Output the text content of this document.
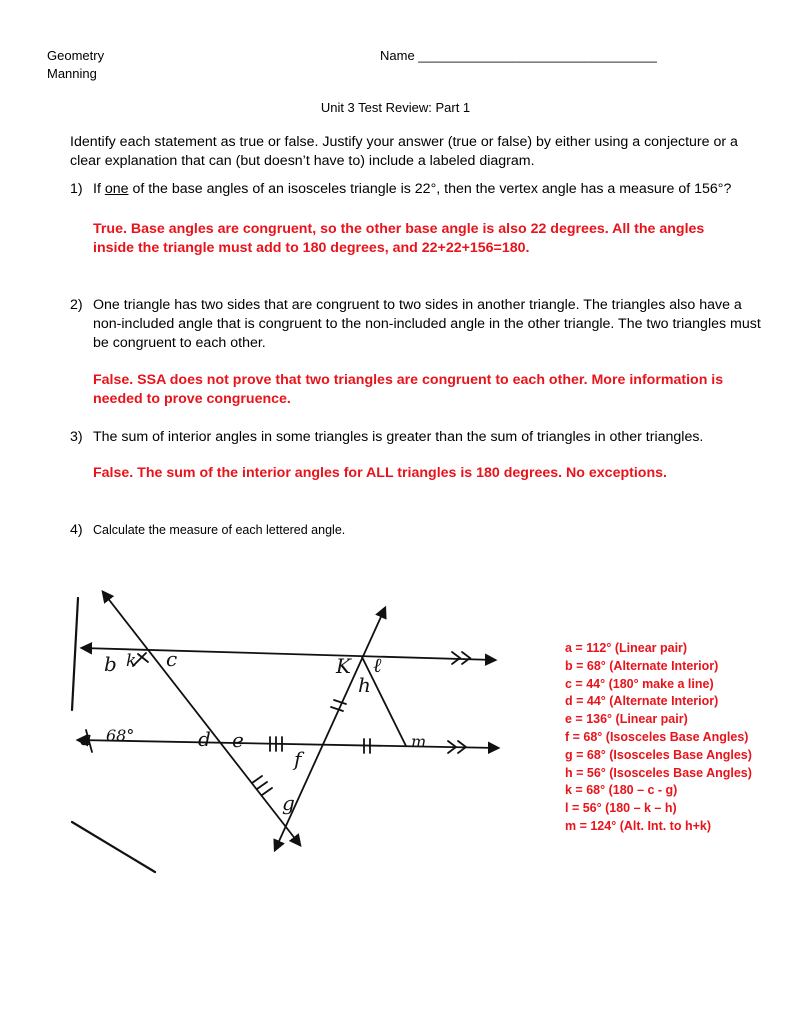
Geometry
Manning
Name _________________________________
Unit 3 Test Review: Part 1
Identify each statement as true or false. Justify your answer (true or false) by either using a conjecture or a clear explanation that can (but doesn’t have to) include a labeled diagram.
1) If one of the base angles of an isosceles triangle is 22°, then the vertex angle has a measure of 156°?
True. Base angles are congruent, so the other base angle is also 22 degrees. All the angles inside the triangle must add to 180 degrees, and 22+22+156=180.
2) One triangle has two sides that are congruent to two sides in another triangle. The triangles also have a non-included angle that is congruent to the non-included angle in the other triangle. The two triangles must be congruent to each other.
False. SSA does not prove that two triangles are congruent to each other. More information is needed to prove congruence.
3) The sum of interior angles in some triangles is greater than the sum of triangles in other triangles.
False. The sum of the interior angles for ALL triangles is 180 degrees. No exceptions.
4) Calculate the measure of each lettered angle.
b k c
a 68°	d e
f
g
K
h
ℓ
m
a = 112° (Linear pair)
b = 68° (Alternate Interior)
c = 44° (180° make a line)
d = 44° (Alternate Interior)
e = 136° (Linear pair)
f = 68° (Isosceles Base Angles)
g = 68° (Isosceles Base Angles)
h = 56° (Isosceles Base Angles)
k = 68° (180 – c - g)
l = 56° (180 – k – h)
m = 124° (Alt. Int. to h+k)
